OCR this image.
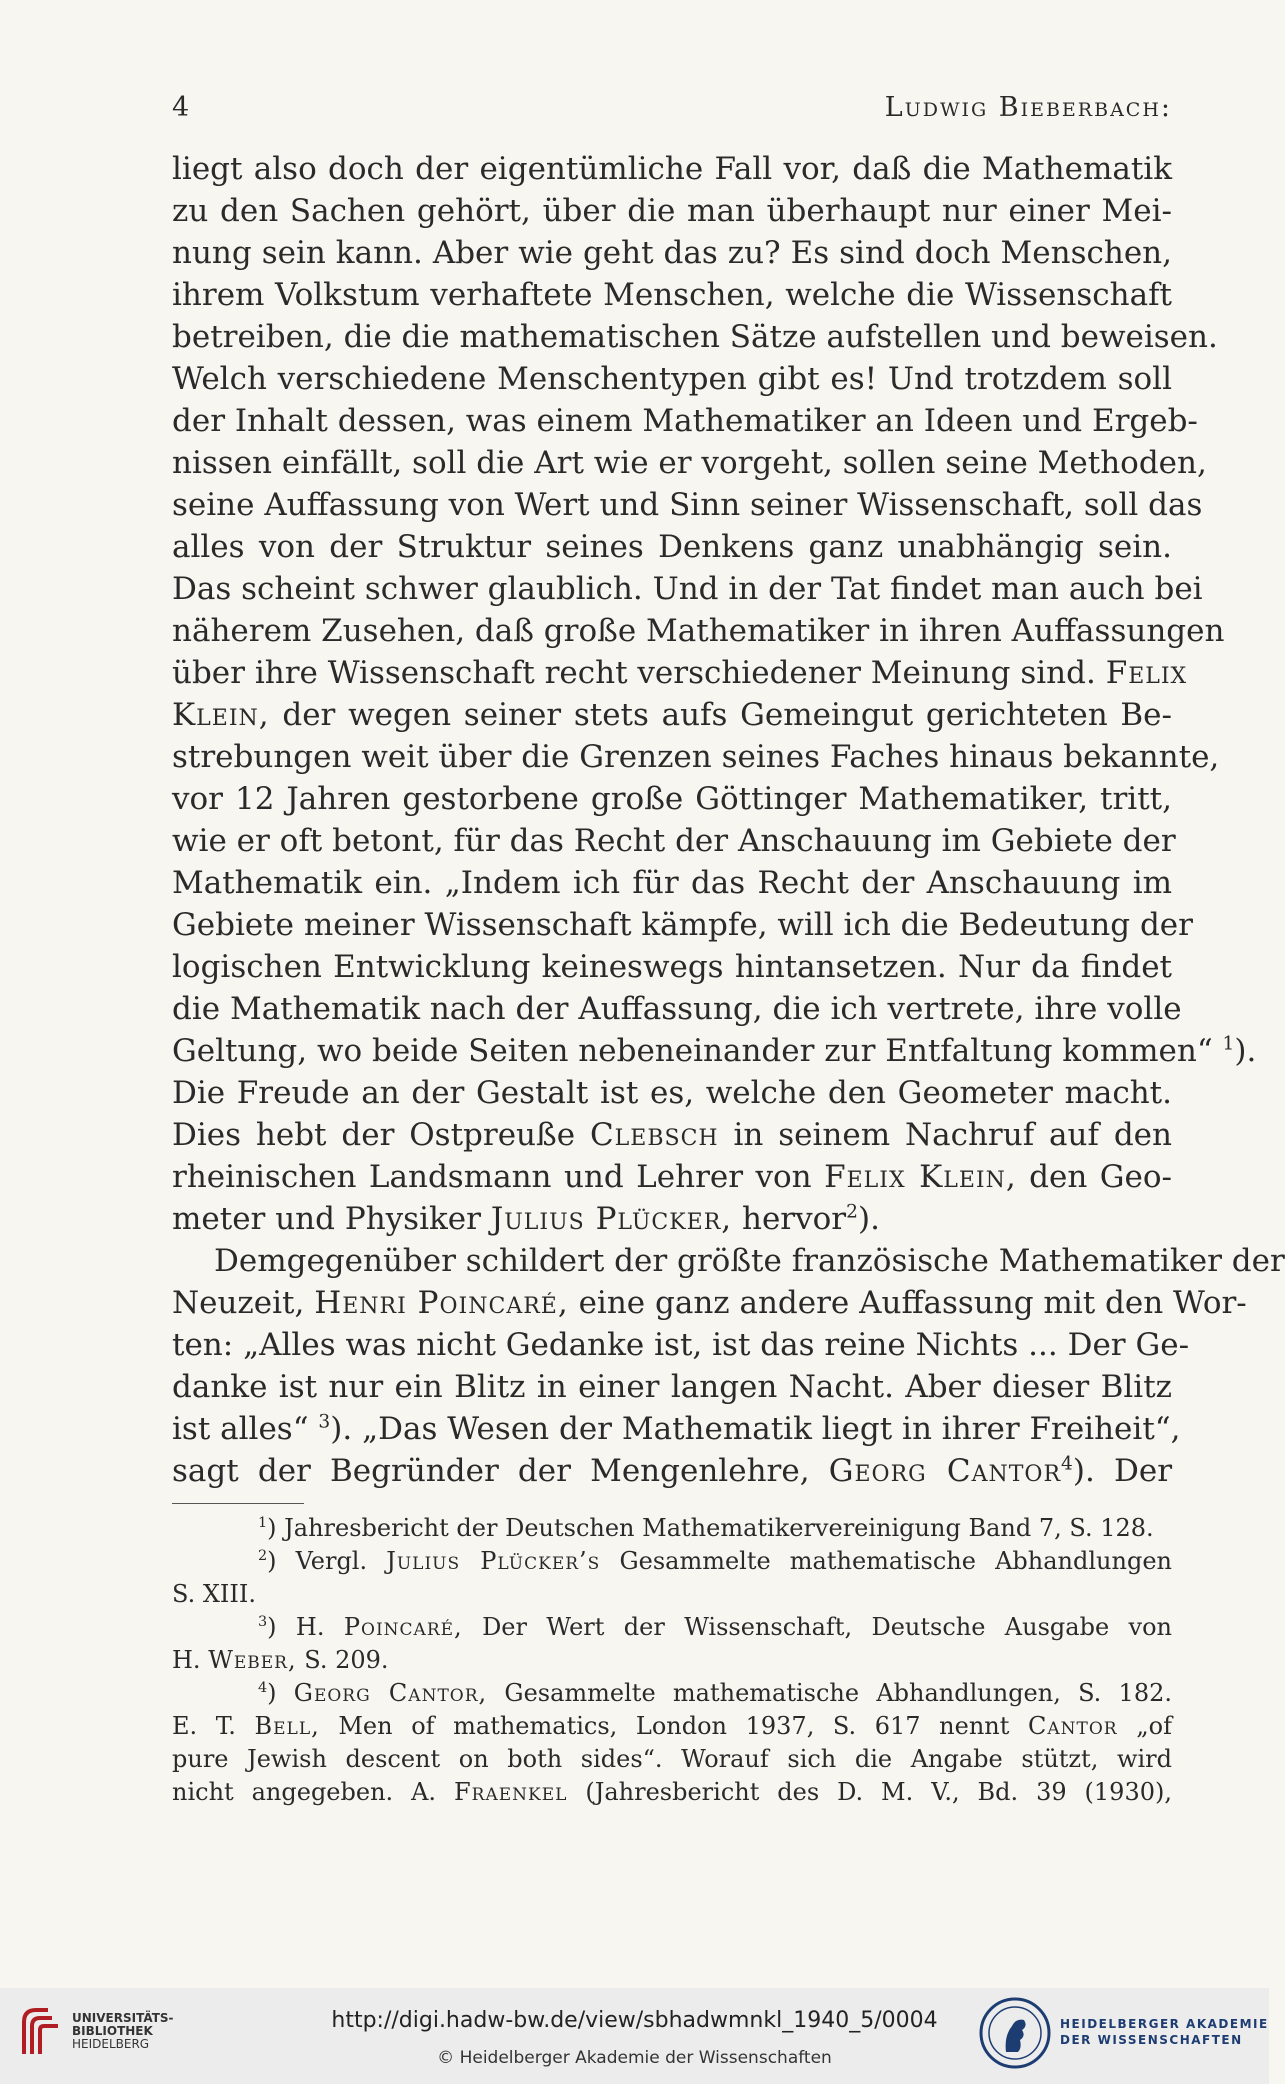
4	Ludwig Bieberbach:
liegt also doch der eigentümliche Fall vor, daß die Mathematik
zu den Sachen gehört, über die man überhaupt nur einer Mei-
nung sein kann. Aber wie geht das zu? Es sind doch Menschen,
ihrem Volkstum verhaftete Menschen, welche die Wissenschaft
betreiben, die die mathematischen Sätze aufstellen und beweisen.
Welch verschiedene Menschentypen gibt es! Und trotzdem soll
der Inhalt dessen, was einem Mathematiker an Ideen und Ergeb-
nissen einfällt, soll die Art wie er vorgeht, sollen seine Methoden,
seine Auffassung von Wert und Sinn seiner Wissenschaft, soll das
alles von der Struktur seines Denkens ganz unabhängig sein.
Das scheint schwer glaublich. Und in der Tat findet man auch bei
näherem Zusehen, daß große Mathematiker in ihren Auffassungen
über ihre Wissenschaft recht verschiedener Meinung sind. Felix
Klein, der wegen seiner stets aufs Gemeingut gerichteten Be-
strebungen weit über die Grenzen seines Faches hinaus bekannte,
vor 12 Jahren gestorbene große Göttinger Mathematiker, tritt,
wie er oft betont, für das Recht der Anschauung im Gebiete der
Mathematik ein. „Indem ich für das Recht der Anschauung im
Gebiete meiner Wissenschaft kämpfe, will ich die Bedeutung der
logischen Entwicklung keineswegs hintansetzen. Nur da findet
die Mathematik nach der Auffassung, die ich vertrete, ihre volle
Geltung, wo beide Seiten nebeneinander zur Entfaltung kommen“ $^1$).
Die Freude an der Gestalt ist es, welche den Geometer macht.
Dies hebt der Ostpreuße Clebsch in seinem Nachruf auf den
rheinischen Landsmann und Lehrer von Felix Klein, den Geo-
meter und Physiker Julius Plücker, hervor$^2$).
Demgegenüber schildert der größte französische Mathematiker der
Neuzeit, Henri Poincaré, eine ganz andere Auffassung mit den Wor-
ten: „Alles was nicht Gedanke ist, ist das reine Nichts ... Der Ge-
danke ist nur ein Blitz in einer langen Nacht. Aber dieser Blitz
ist alles“ $^3$). „Das Wesen der Mathematik liegt in ihrer Freiheit“,
sagt der Begründer der Mengenlehre, Georg Cantor$^4$). Der
$^1$) Jahresbericht der Deutschen Mathematikervereinigung Band 7, S. 128.
$^2$) Vergl. Julius Plücker’s Gesammelte mathematische Abhandlungen
S. XIII.
$^3$) H. Poincaré, Der Wert der Wissenschaft, Deutsche Ausgabe von
H. Weber, S. 209.
$^4$) Georg Cantor, Gesammelte mathematische Abhandlungen, S. 182.
E. T. Bell, Men of mathematics, London 1937, S. 617 nennt Cantor „of
pure Jewish descent on both sides“. Worauf sich die Angabe stützt, wird
nicht angegeben. A. Fraenkel (Jahresbericht des D. M. V., Bd. 39 (1930),
UNIVERSITÄTS-
BIBLIOTHEK
HEIDELBERG
http://digi.hadw-bw.de/view/sbhadwmnkl_1940_5/0004
© Heidelberger Akademie der Wissenschaften
HEIDELBERGER AKADEMIE
DER WISSENSCHAFTEN
